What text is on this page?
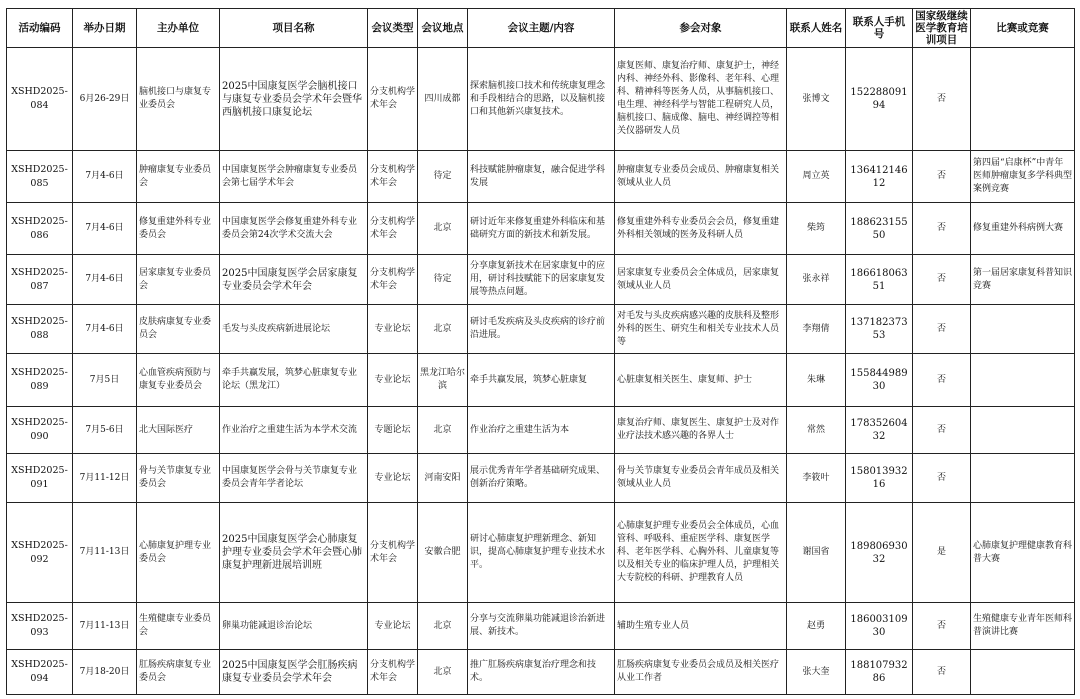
活动编码	举办日期	主办单位	项目名称	会议类型	会议地点	会议主题/内容	参会对象	联系人姓名	联系人手机号	国家级继续医学教育培训项目	比赛或竞赛
XSHD2025-084	6月26-29日	脑机接口与康复专业委员会	2025中国康复医学会脑机接口与康复专业委员会学术年会暨华西脑机接口康复论坛	分支机构学术年会	四川成都	探索脑机接口技术和传统康复理念和手段相结合的思路，以及脑机接口和其他新兴康复技术。	康复医师、康复治疗师、康复护士，神经内科、神经外科、影像科、老年科、心理科、精神科等医务人员，从事脑机接口、电生理、神经科学与智能工程研究人员，脑机接口、脑成像、脑电、神经调控等相关仪器研发人员	张博文	15228809194	否	
XSHD2025-085	7月4-6日	肿瘤康复专业委员会	中国康复医学会肿瘤康复专业委员会第七届学术年会	分支机构学术年会	待定	科技赋能肿瘤康复，融合促进学科发展	肿瘤康复专业委员会成员、肿瘤康复相关领域从业人员	周立英	13641214612	否	第四届“启康杯”中青年医师肿瘤康复多学科典型案例竞赛
XSHD2025-086	7月4-6日	修复重建外科专业委员会	中国康复医学会修复重建外科专业委员会第24次学术交流大会	分支机构学术年会	北京	研讨近年来修复重建外科临床和基础研究方面的新技术和新发展。	修复重建外科专业委员会会员，修复重建外科相关领域的医务及科研人员	柴筠	18862315550	否	修复重建外科病例大赛
XSHD2025-087	7月4-6日	居家康复专业委员会	2025中国康复医学会居家康复专业委员会学术年会	分支机构学术年会	待定	分享康复新技术在居家康复中的应用，研讨科技赋能下的居家康复发展等热点问题。	居家康复专业委员会全体成员，居家康复领域从业人员	张永祥	18661806351	否	第一届居家康复科普知识竞赛
XSHD2025-088	7月4-6日	皮肤病康复专业委员会	毛发与头皮疾病新进展论坛	专业论坛	北京	研讨毛发疾病及头皮疾病的诊疗前沿进展。	对毛发与头皮疾病感兴趣的皮肤科及整形外科的医生、研究生和相关专业技术人员等	李翔倩	13718237353	否	
XSHD2025-089	7月5日	心血管疾病预防与康复专业委员会	牵手共赢发展，筑梦心脏康复专业论坛（黑龙江）	专业论坛	黑龙江哈尔滨	牵手共赢发展，筑梦心脏康复	心脏康复相关医生、康复师、护士	朱琳	15584498930	否	
XSHD2025-090	7月5-6日	北大国际医疗	作业治疗之重建生活为本学术交流	专题论坛	北京	作业治疗之重建生活为本	康复治疗师、康复医生、康复护士及对作业疗法技术感兴趣的各界人士	常然	17835260432	否	
XSHD2025-091	7月11-12日	骨与关节康复专业委员会	中国康复医学会骨与关节康复专业委员会青年学者论坛	专业论坛	河南安阳	展示优秀青年学者基础研究成果、创新治疗策略。	骨与关节康复专业委员会青年成员及相关领域从业人员	李筱叶	15801393216	否	
XSHD2025-092	7月11-13日	心肺康复护理专业委员会	2025中国康复医学会心肺康复护理专业委员会学术年会暨心肺康复护理新进展培训班	分支机构学术年会	安徽合肥	研讨心肺康复护理新理念、新知识，提高心肺康复护理专业技术水平。	心肺康复护理专业委员会全体成员，心血管科、呼吸科、重症医学科、康复医学科、老年医学科、心胸外科、儿童康复等以及相关专业的临床护理人员，护理相关大专院校的科研、护理教育人员	谢国省	18980693032	是	心肺康复护理健康教育科普大赛
XSHD2025-093	7月11-13日	生殖健康专业委员会	卵巢功能减退诊治论坛	专业论坛	北京	分享与交流卵巢功能减退诊治新进展、新技术。	辅助生殖专业人员	赵勇	18600310930	否	生殖健康专业青年医师科普演讲比赛
XSHD2025-094	7月18-20日	肛肠疾病康复专业委员会	2025中国康复医学会肛肠疾病康复专业委员会学术年会	分支机构学术年会	北京	推广肛肠疾病康复治疗理念和技术。	肛肠疾病康复专业委员会成员及相关医疗从业工作者	张大奎	18810793286	否	
